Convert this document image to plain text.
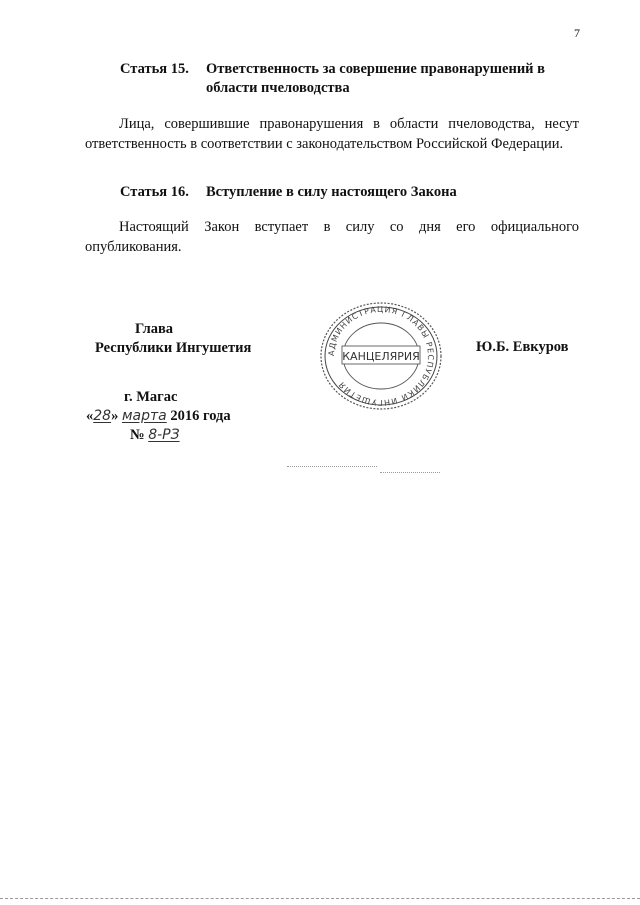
7
Статья 15.	Ответственность за совершение правонарушений в области пчеловодства
Лица, совершившие правонарушения в области пчеловодства, несут ответственность в соответствии с законодательством Российской Федерации.
Статья 16.	Вступление в силу настоящего Закона
Настоящий Закон вступает в силу со дня его официального опубликования.
Глава
Республики Ингушетия	Ю.Б. Евкуров
АДМИНИСТРАЦИЯ ГЛАВЫ РЕСПУБЛИКИ ИНГУШЕТИЯ
КАНЦЕЛЯРИЯ
г. Магас
«28» марта 2016 года
№ 8-РЗ
